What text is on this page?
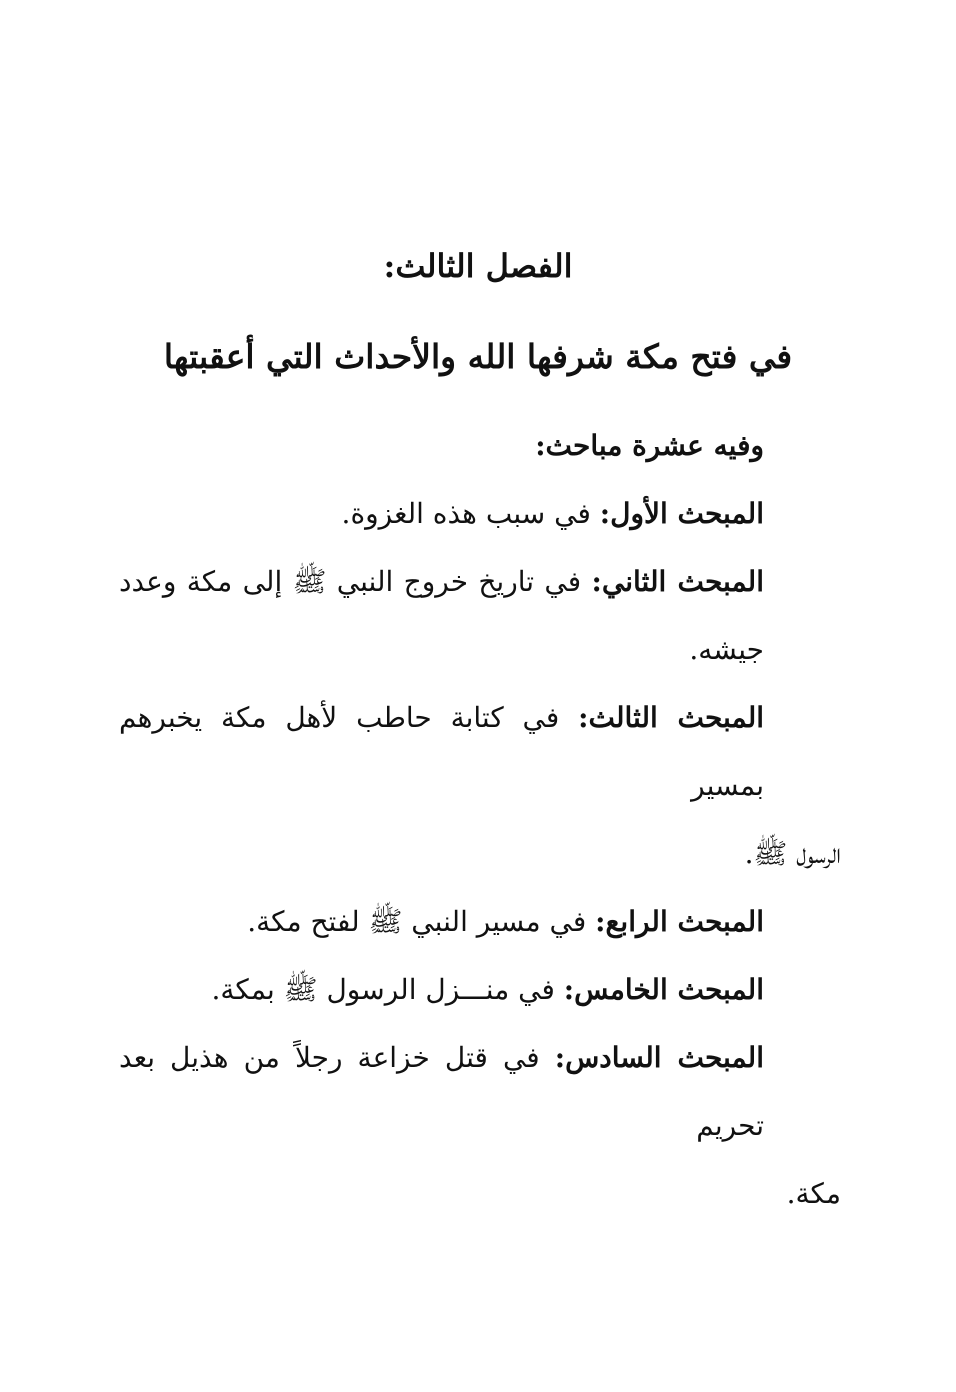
الفصل الثالث:
في فتح مكة شرفها الله والأحداث التي أعقبتها

وفيه عشرة مباحث:

المبحث الأول: في سبب هذه الغزوة.

المبحث الثاني: في تاريخ خروج النبي ﷺ إلى مكة وعدد جيشه.

المبحث الثالث: في كتابة حاطب لأهل مكة يخبرهم بمسير

الرسول ﷺ.

المبحث الرابع: في مسير النبي ﷺ لفتح مكة.

المبحث الخامس: في منـــزل الرسول ﷺ بمكة.

المبحث السادس: في قتل خزاعة رجلاً من هذيل بعد تحريم

مكة.
